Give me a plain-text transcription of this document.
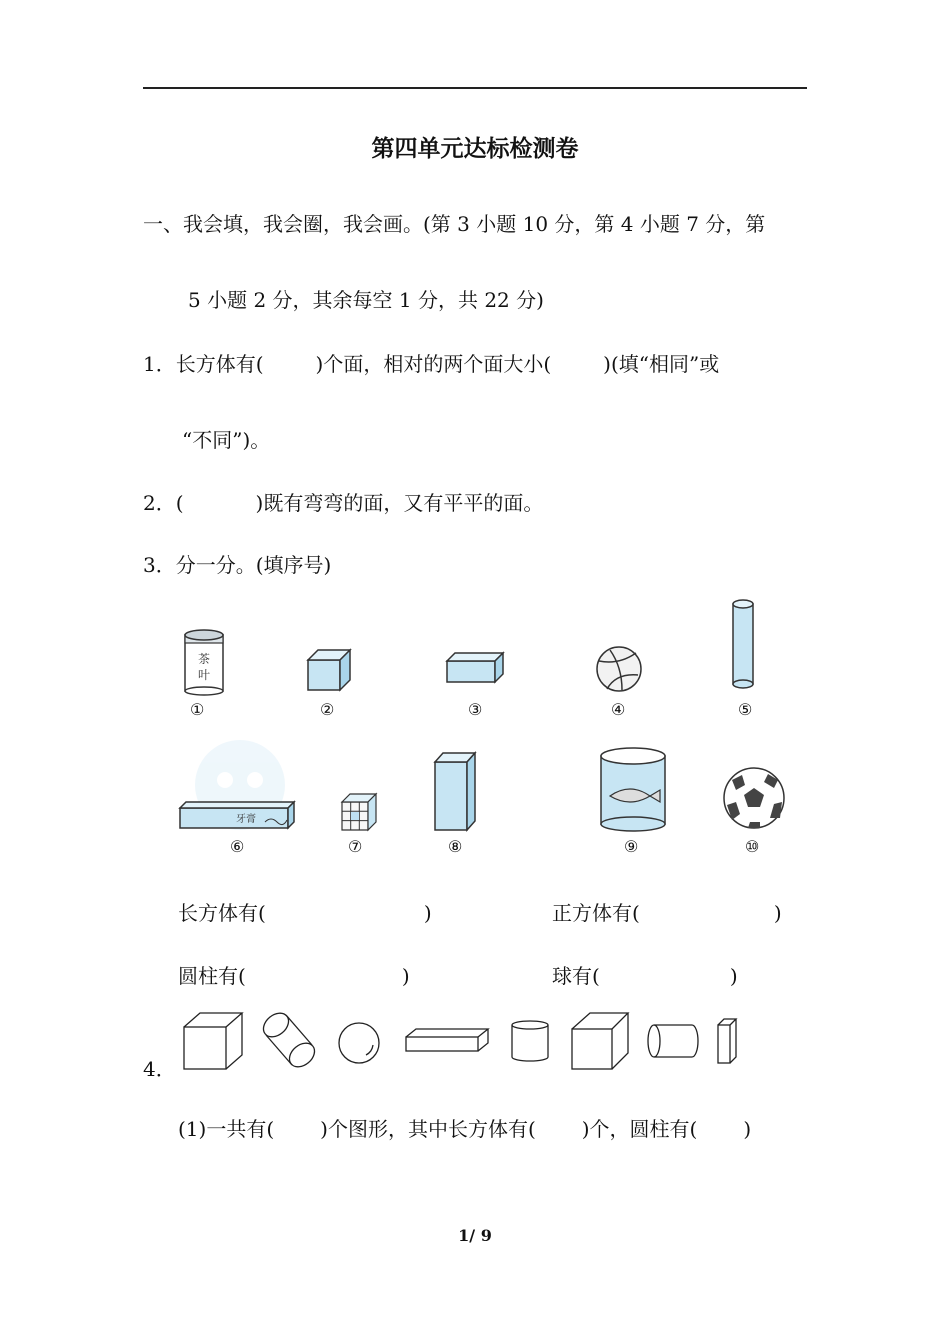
第四单元达标检测卷
一、我会填，我会圈，我会画。(第 3 小题 10 分，第 4 小题 7 分，第
5 小题 2 分，其余每空 1 分，共 22 分)
1．长方体有(	)个面，相对的两个面大小(	)(填“相同”或
“不同”)。
2．(	)既有弯弯的面，又有平平的面。
3．分一分。(填序号)
茶叶
①	②	③	④	⑤
牙膏
⑥	⑦	⑧	⑨	⑩
长方体有(	)	正方体有(	)
圆柱有(	)	球有(	)
4．
(1)一共有( )个图形，其中长方体有( )个，圆柱有( )
1/ 9
